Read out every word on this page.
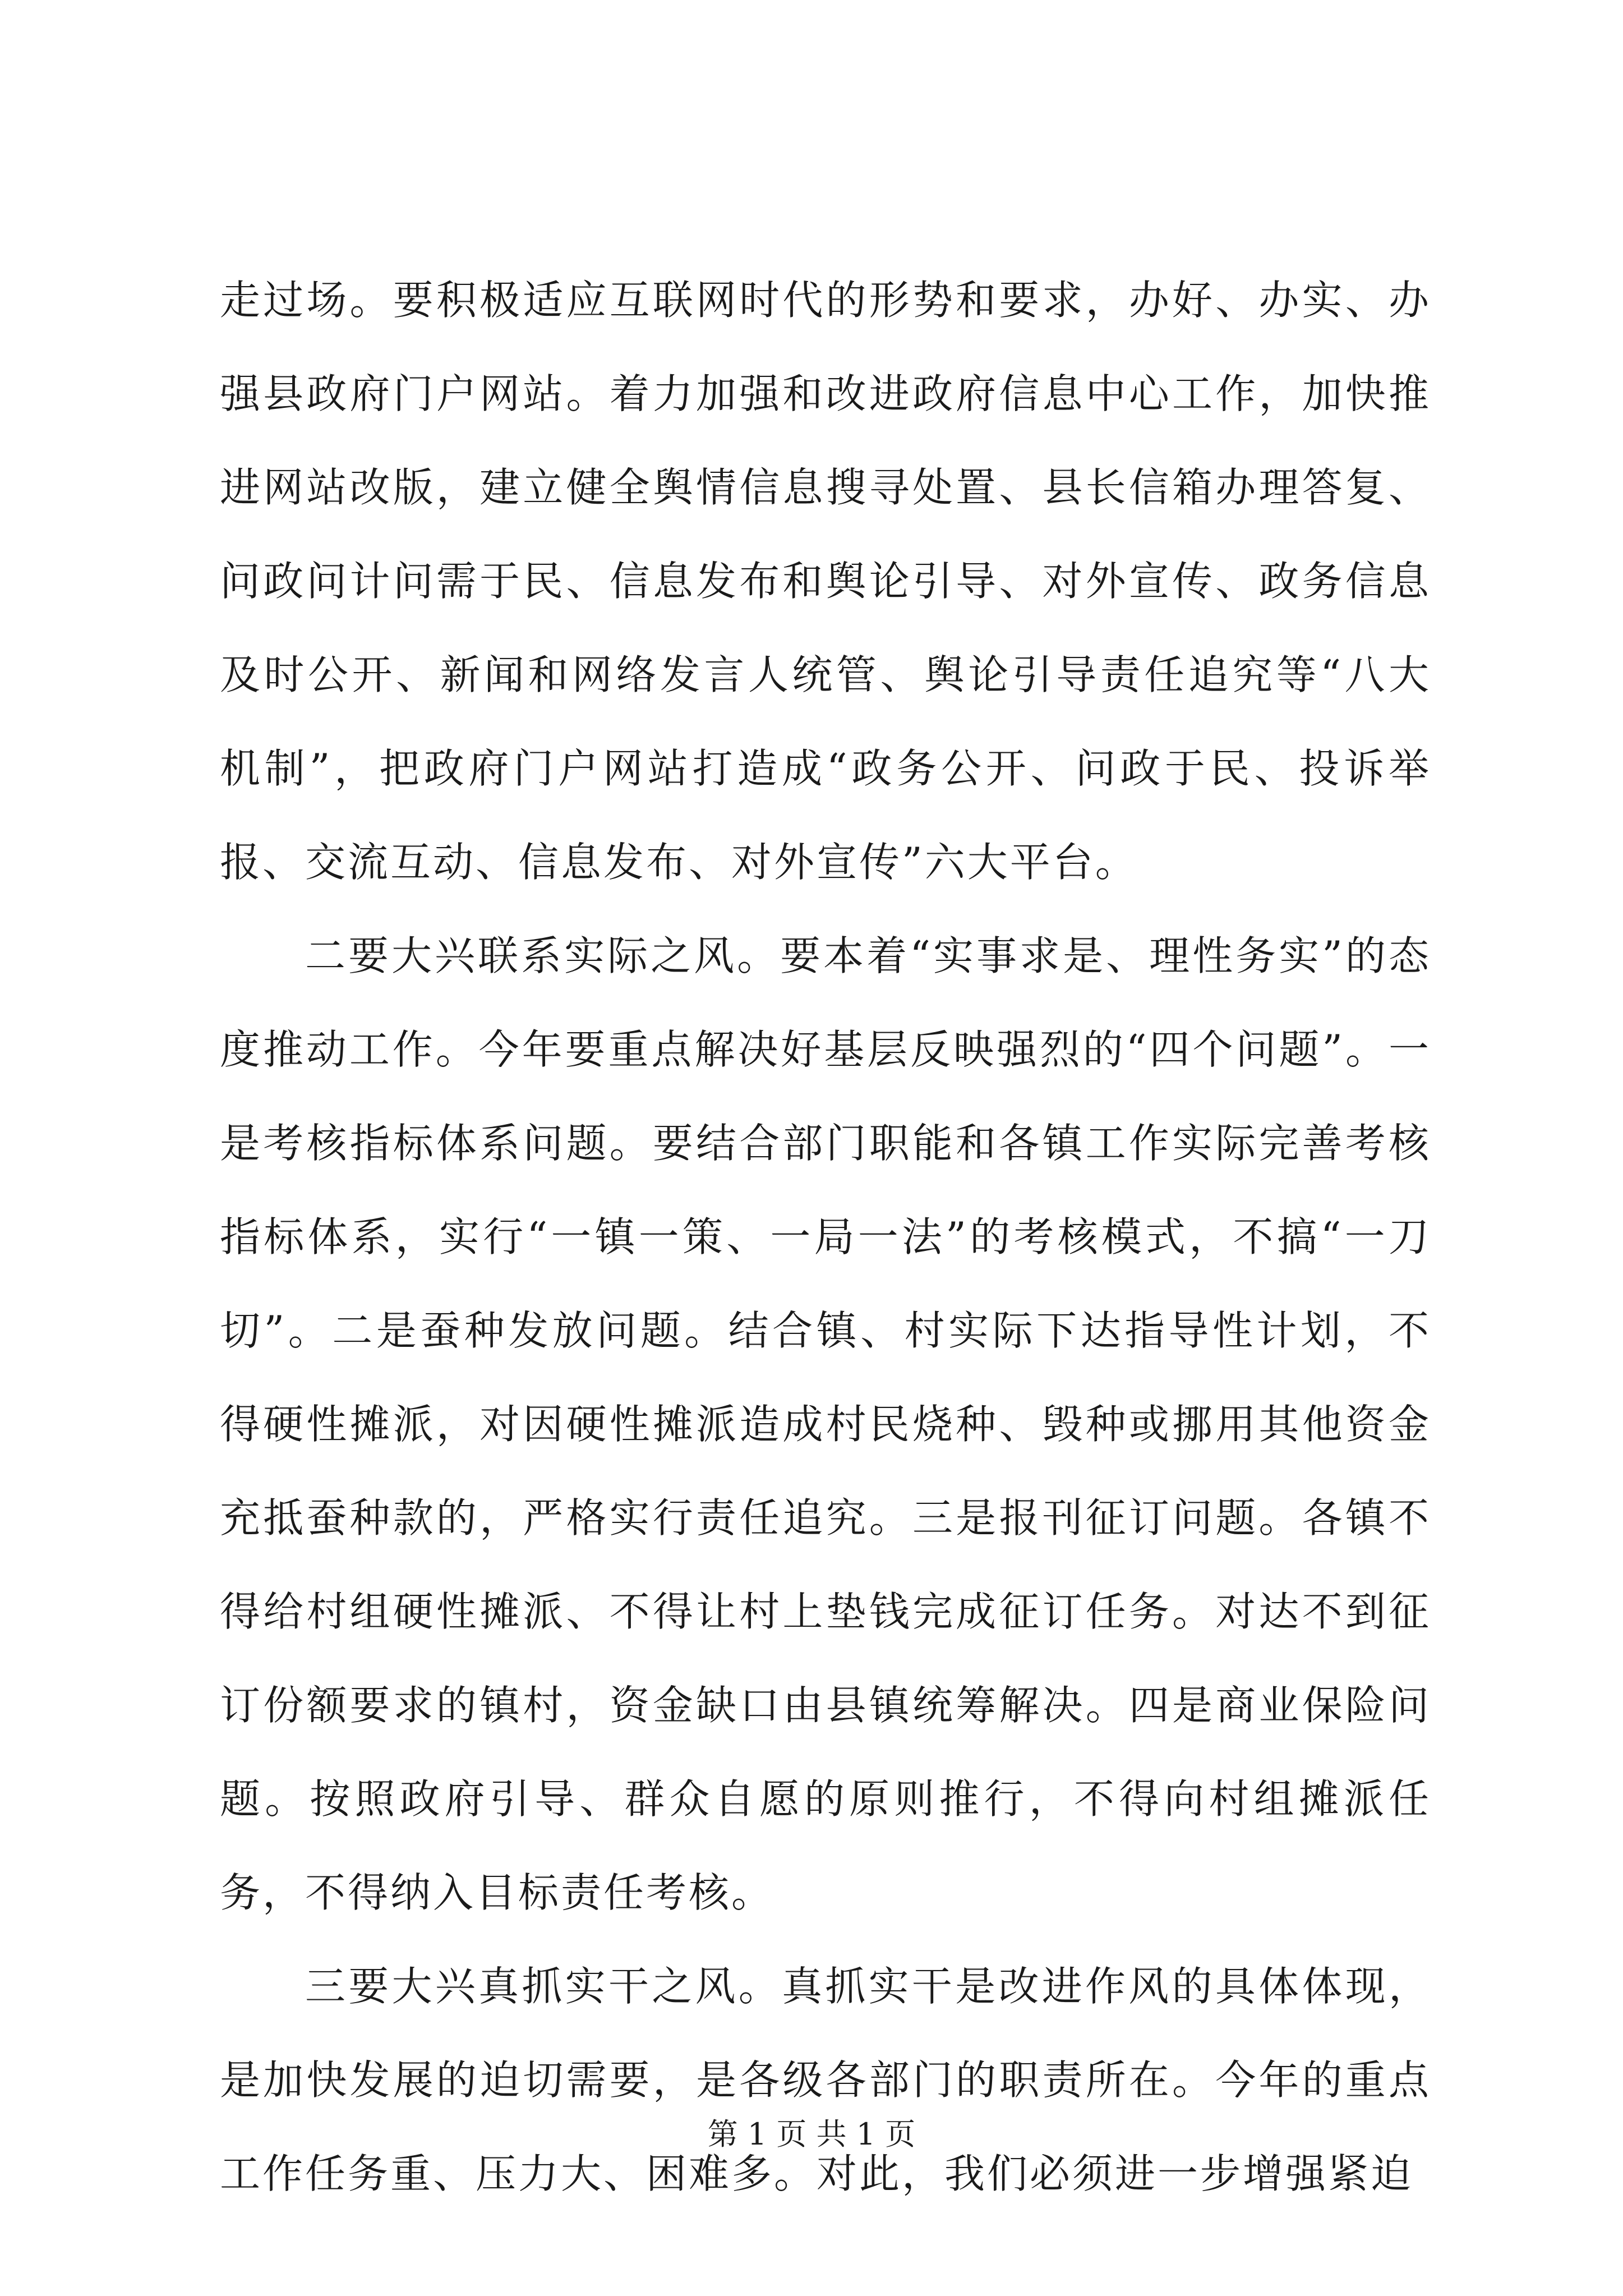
走过场。要积极适应互联网时代的形势和要求，办好、办实、办强县政府门户网站。着力加强和改进政府信息中心工作，加快推进网站改版，建立健全舆情信息搜寻处置、县长信箱办理答复、问政问计问需于民、信息发布和舆论引导、对外宣传、政务信息及时公开、新闻和网络发言人统管、舆论引导责任追究等“八大机制”，把政府门户网站打造成“政务公开、问政于民、投诉举报、交流互动、信息发布、对外宣传”六大平台。

二要大兴联系实际之风。要本着“实事求是、理性务实”的态度推动工作。今年要重点解决好基层反映强烈的“四个问题”。一是考核指标体系问题。要结合部门职能和各镇工作实际完善考核指标体系，实行“一镇一策、一局一法”的考核模式，不搞“一刀切”。二是蚕种发放问题。结合镇、村实际下达指导性计划，不得硬性摊派，对因硬性摊派造成村民烧种、毁种或挪用其他资金充抵蚕种款的，严格实行责任追究。三是报刊征订问题。各镇不得给村组硬性摊派、不得让村上垫钱完成征订任务。对达不到征订份额要求的镇村，资金缺口由县镇统筹解决。四是商业保险问题。按照政府引导、群众自愿的原则推行，不得向村组摊派任务，不得纳入目标责任考核。

三要大兴真抓实干之风。真抓实干是改进作风的具体体现，是加快发展的迫切需要，是各级各部门的职责所在。今年的重点工作任务重、压力大、困难多。对此，我们必须进一步增强紧迫

第 1 页 共 1 页
